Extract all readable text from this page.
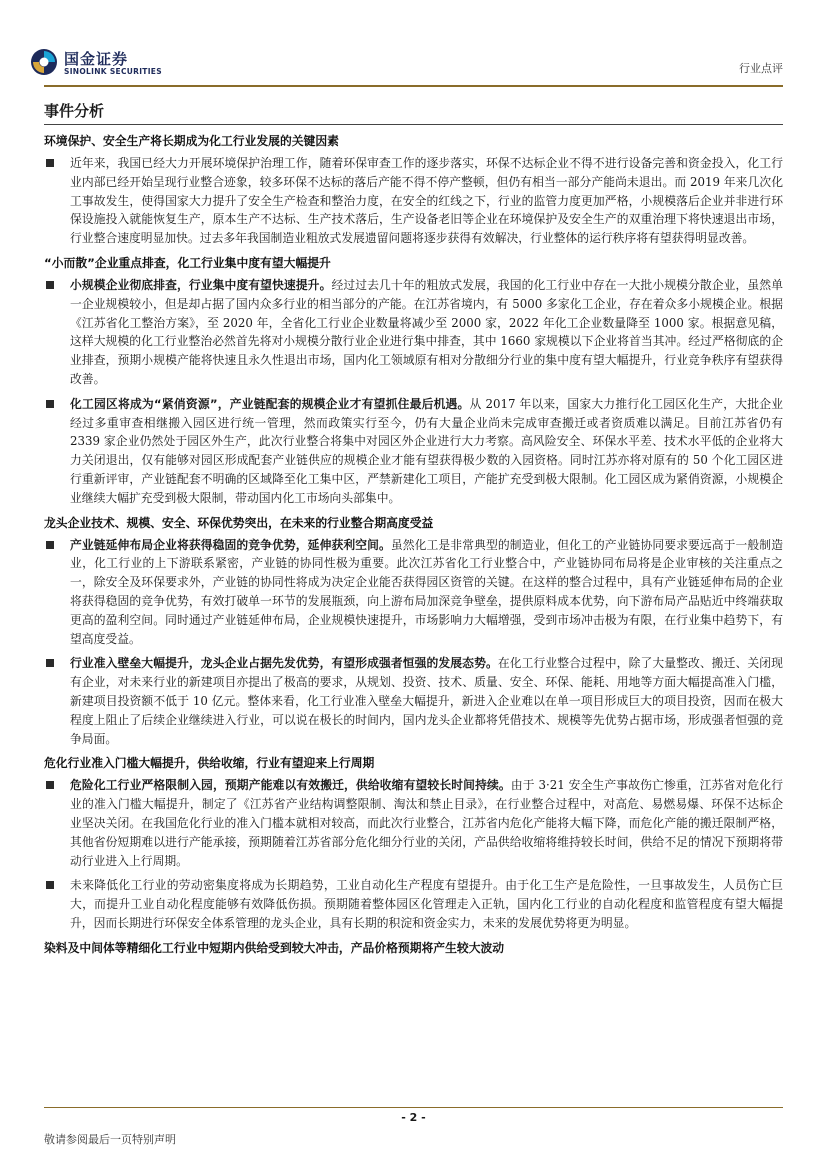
国金证券
SINOLINK SECURITIES	行业点评
事件分析
环境保护、安全生产将长期成为化工行业发展的关键因素
近年来，我国已经大力开展环境保护治理工作，随着环保审查工作的逐步落实，环保不达标企业不得不进行设备完善和资金投入，化工行业内部已经开始呈现行业整合迹象，较多环保不达标的落后产能不得不停产整顿，但仍有相当一部分产能尚未退出。而 2019 年来几次化工事故发生，使得国家大力提升了安全生产检查和整治力度，在安全的红线之下，行业的监管力度更加严格，小规模落后企业并非进行环保设施投入就能恢复生产，原本生产不达标、生产技术落后，生产设备老旧等企业在环境保护及安全生产的双重治理下将快速退出市场，行业整合速度明显加快。过去多年我国制造业粗放式发展遗留问题将逐步获得有效解决，行业整体的运行秩序将有望获得明显改善。
“小而散”企业重点排查，化工行业集中度有望大幅提升
小规模企业彻底排查，行业集中度有望快速提升。经过过去几十年的粗放式发展，我国的化工行业中存在一大批小规模分散企业，虽然单一企业规模较小，但是却占据了国内众多行业的相当部分的产能。在江苏省境内，有 5000 多家化工企业，存在着众多小规模企业。根据《江苏省化工整治方案》，至 2020 年，全省化工行业企业数量将减少至 2000 家，2022 年化工企业数量降至 1000 家。根据意见稿，这样大规模的化工行业整治必然首先将对小规模分散行业企业进行集中排查，其中 1660 家规模以下企业将首当其冲。经过严格彻底的企业排查，预期小规模产能将快速且永久性退出市场，国内化工领域原有相对分散细分行业的集中度有望大幅提升，行业竞争秩序有望获得改善。
化工园区将成为“紧俏资源”，产业链配套的规模企业才有望抓住最后机遇。从 2017 年以来，国家大力推行化工园区化生产，大批企业经过多重审查相继搬入园区进行统一管理，然而政策实行至今，仍有大量企业尚未完成审查搬迁或者资质难以满足。目前江苏省仍有 2339 家企业仍然处于园区外生产，此次行业整合将集中对园区外企业进行大力考察。高风险安全、环保水平差、技术水平低的企业将大力关闭退出，仅有能够对园区形成配套产业链供应的规模企业才能有望获得极少数的入园资格。同时江苏亦将对原有的 50 个化工园区进行重新评审，产业链配套不明确的区域降至化工集中区，严禁新建化工项目，产能扩充受到极大限制。化工园区成为紧俏资源，小规模企业继续大幅扩充受到极大限制，带动国内化工市场向头部集中。
龙头企业技术、规模、安全、环保优势突出，在未来的行业整合期高度受益
产业链延伸布局企业将获得稳固的竞争优势，延伸获利空间。虽然化工是非常典型的制造业，但化工的产业链协同要求要远高于一般制造业，化工行业的上下游联系紧密，产业链的协同性极为重要。此次江苏省化工行业整合中，产业链协同布局将是企业审核的关注重点之一，除安全及环保要求外，产业链的协同性将成为决定企业能否获得园区资管的关键。在这样的整合过程中，具有产业链延伸布局的企业将获得稳固的竞争优势，有效打破单一环节的发展瓶颈，向上游布局加深竞争壁垒，提供原料成本优势，向下游布局产品贴近中终端获取更高的盈利空间。同时通过产业链延伸布局，企业规模快速提升，市场影响力大幅增强，受到市场冲击极为有限，在行业集中趋势下，有望高度受益。
行业准入壁垒大幅提升，龙头企业占据先发优势，有望形成强者恒强的发展态势。在化工行业整合过程中，除了大量整改、搬迁、关闭现有企业，对未来行业的新建项目亦提出了极高的要求，从规划、投资、技术、质量、安全、环保、能耗、用地等方面大幅提高准入门槛，新建项目投资额不低于 10 亿元。整体来看，化工行业准入壁垒大幅提升，新进入企业难以在单一项目形成巨大的项目投资，因而在极大程度上阻止了后续企业继续进入行业，可以说在极长的时间内，国内龙头企业都将凭借技术、规模等先优势占据市场，形成强者恒强的竞争局面。
危化行业准入门槛大幅提升，供给收缩，行业有望迎来上行周期
危险化工行业严格限制入园，预期产能难以有效搬迁，供给收缩有望较长时间持续。由于 3·21 安全生产事故伤亡惨重，江苏省对危化行业的准入门槛大幅提升，制定了《江苏省产业结构调整限制、淘汰和禁止目录》，在行业整合过程中，对高危、易燃易爆、环保不达标企业坚决关闭。在我国危化行业的准入门槛本就相对较高，而此次行业整合，江苏省内危化产能将大幅下降，而危化产能的搬迁限制严格，其他省份短期难以进行产能承接，预期随着江苏省部分危化细分行业的关闭，产品供给收缩将维持较长时间，供给不足的情况下预期将带动行业进入上行周期。
未来降低化工行业的劳动密集度将成为长期趋势，工业自动化生产程度有望提升。由于化工生产是危险性，一旦事故发生，人员伤亡巨大，而提升工业自动化程度能够有效降低伤损。预期随着整体园区化管理走入正轨，国内化工行业的自动化程度和监管程度有望大幅提升，因而长期进行环保安全体系管理的龙头企业，具有长期的积淀和资金实力，未来的发展优势将更为明显。
染料及中间体等精细化工行业中短期内供给受到较大冲击，产品价格预期将产生较大波动
- 2 -
敬请参阅最后一页特别声明
